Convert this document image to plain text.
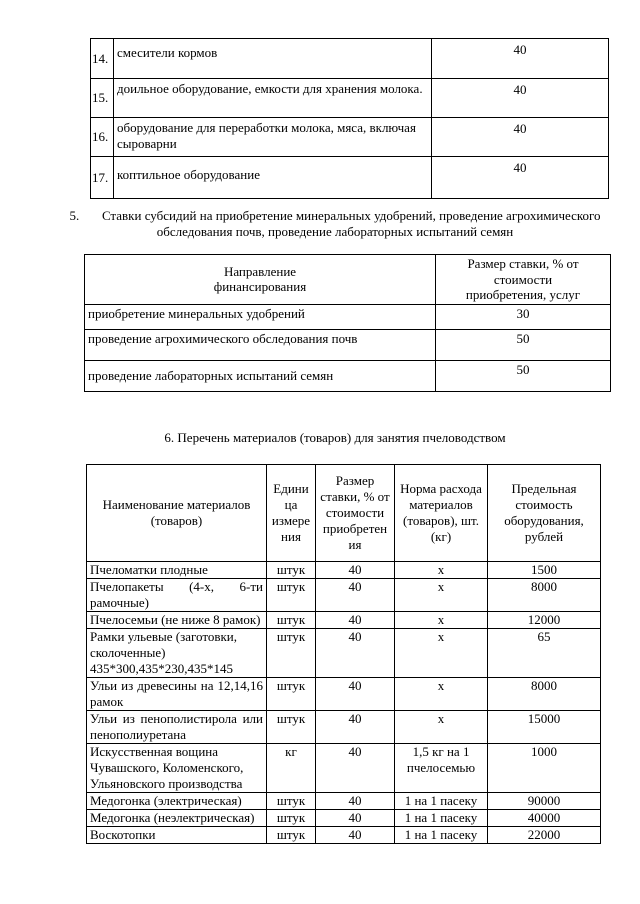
14.	смесители кормов	40
15.	доильное оборудование, емкости для хранения молока.	40
16.	оборудование для переработки молока, мяса, включая сыроварни	40
17.	коптильное оборудование	40
5.       Ставки субсидий на приобретение минеральных удобрений, проведение агрохимического обследования почв, проведение лабораторных испытаний семян
Направление финансирования	Размер ставки, % от стоимости приобретения, услуг

приобретение минеральных удобрений	30
проведение агрохимического обследования почв	50
проведение лабораторных испытаний семян	50
6. Перечень материалов (товаров) для занятия пчеловодством
Наименование материалов (товаров)	Едини ца измере ния	Размер ставки, % от стоимости приобретен ия	Норма расхода материалов (товаров), шт. (кг)	Предельная стоимость оборудования, рублей
Пчеломатки плодные	штук	40	х	1500
Пчелопакеты (4-х, 6-ти рамочные)	штук	40	х	8000
Пчелосемьи (не ниже 8 рамок)	штук	40	х	12000
Рамки ульевые (заготовки, сколоченные) 435*300,435*230,435*145	штук	40	х	65
Ульи из древесины на 12,14,16 рамок	штук	40	х	8000
Ульи из пенополистирола или пенополиуретана	штук	40	х	15000
Искусственная вощина Чувашского, Коломенского, Ульяновского производства	кг	40	1,5 кг на 1 пчелосемью	1000
Медогонка (электрическая)	штук	40	1 на 1 пасеку	90000
Медогонка (неэлектрическая)	штук	40	1 на 1 пасеку	40000
Воскотопки	штук	40	1 на 1 пасеку	22000
